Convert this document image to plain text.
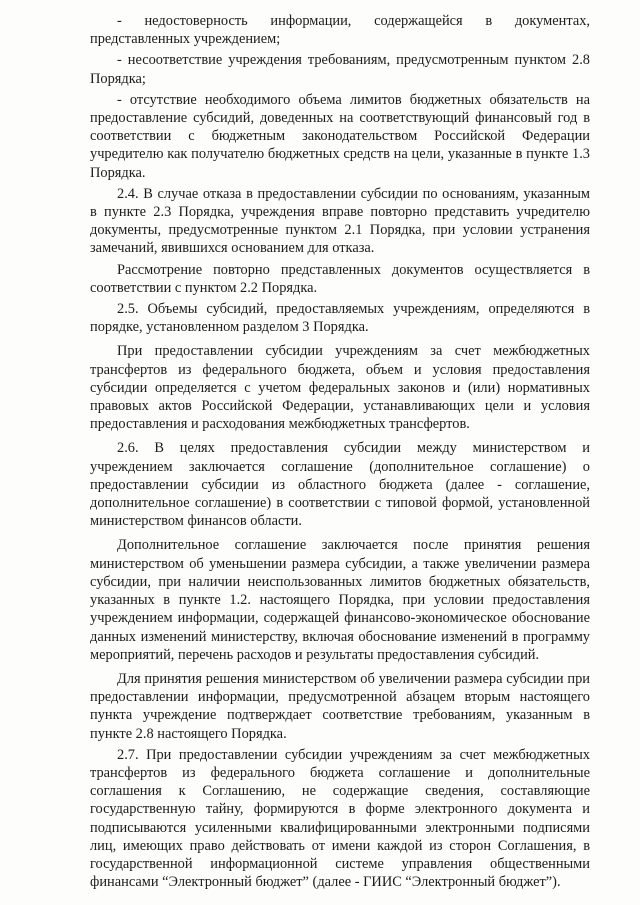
- недостоверность информации, содержащейся в документах, представленных учреждением;

- несоответствие учреждения требованиям, предусмотренным пунктом 2.8 Порядка;

- отсутствие необходимого объема лимитов бюджетных обязательств на предоставление субсидий, доведенных на соответствующий финансовый год в соответствии с бюджетным законодательством Российской Федерации учредителю как получателю бюджетных средств на цели, указанные в пункте 1.3 Порядка.

2.4. В случае отказа в предоставлении субсидии по основаниям, указанным в пункте 2.3 Порядка, учреждения вправе повторно представить учредителю документы, предусмотренные пунктом 2.1 Порядка, при условии устранения замечаний, явившихся основанием для отказа.

Рассмотрение повторно представленных документов осуществляется в соответствии с пунктом 2.2 Порядка.

2.5. Объемы субсидий, предоставляемых учреждениям, определяются в порядке, установленном разделом 3 Порядка.

При предоставлении субсидии учреждениям за счет межбюджетных трансфертов из федерального бюджета, объем и условия предоставления субсидии определяется с учетом федеральных законов и (или) нормативных правовых актов Российской Федерации, устанавливающих цели и условия предоставления и расходования межбюджетных трансфертов.

2.6. В целях предоставления субсидии между министерством и учреждением заключается соглашение (дополнительное соглашение) о предоставлении субсидии из областного бюджета (далее - соглашение, дополнительное соглашение) в соответствии с типовой формой, установленной министерством финансов области.

Дополнительное соглашение заключается после принятия решения министерством об уменьшении размера субсидии, а также увеличении размера субсидии, при наличии неиспользованных лимитов бюджетных обязательств, указанных в пункте 1.2. настоящего Порядка, при условии предоставления учреждением информации, содержащей финансово-экономическое обоснование данных изменений министерству, включая обоснование изменений в программу мероприятий, перечень расходов и результаты предоставления субсидий.

Для принятия решения министерством об увеличении размера субсидии при предоставлении информации, предусмотренной абзацем вторым настоящего пункта учреждение подтверждает соответствие требованиям, указанным в пункте 2.8 настоящего Порядка.

2.7. При предоставлении субсидии учреждениям за счет межбюджетных трансфертов из федерального бюджета соглашение и дополнительные соглашения к Соглашению, не содержащие сведения, составляющие государственную тайну, формируются в форме электронного документа и подписываются усиленными квалифицированными электронными подписями лиц, имеющих право действовать от имени каждой из сторон Соглашения, в государственной информационной системе управления общественными финансами “Электронный бюджет” (далее - ГИИС “Электронный бюджет”).
